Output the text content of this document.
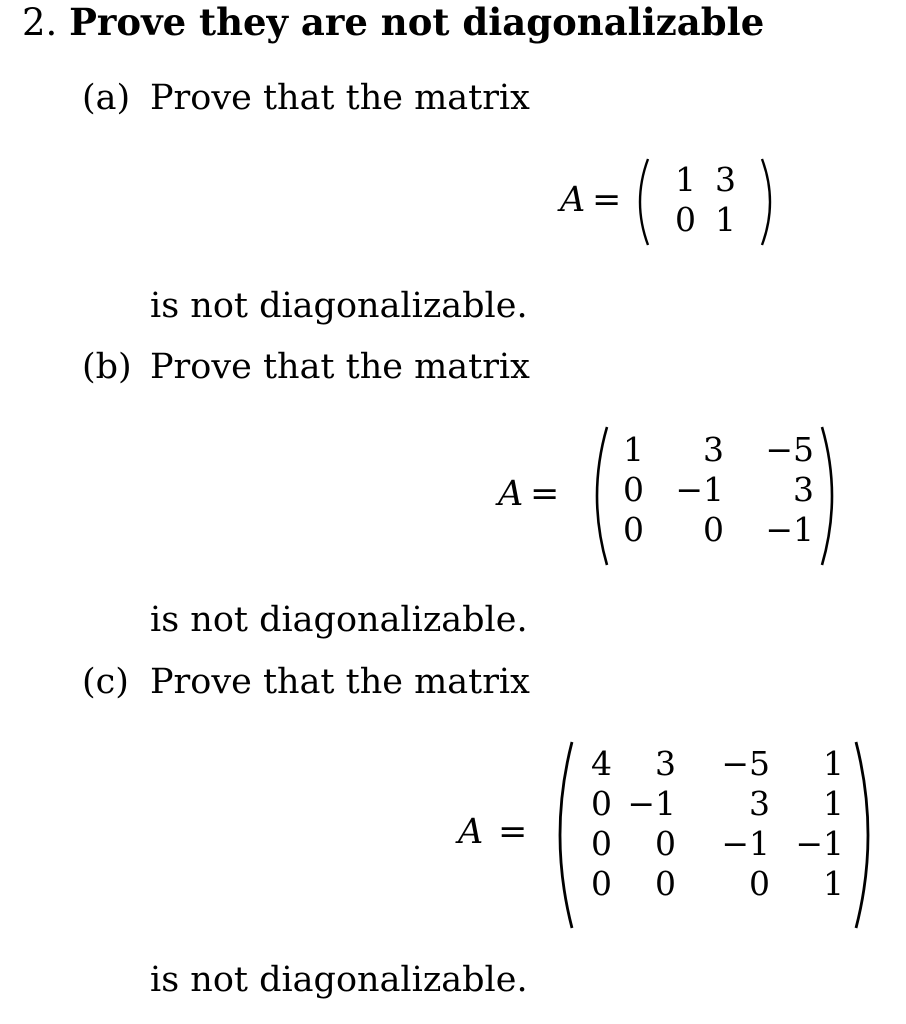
2. Prove they are not diagonalizable
(a) Prove that the matrix
A =
1 3
0 1
is not diagonalizable.
(b) Prove that the matrix
A =
1	3	−5
0 −1	3
0	0	−1
is not diagonalizable.
(c) Prove that the matrix
A =
4	3	−5	1
0 −1	3	1
0	0	−1 −1
0	0	0	1
is not diagonalizable.
